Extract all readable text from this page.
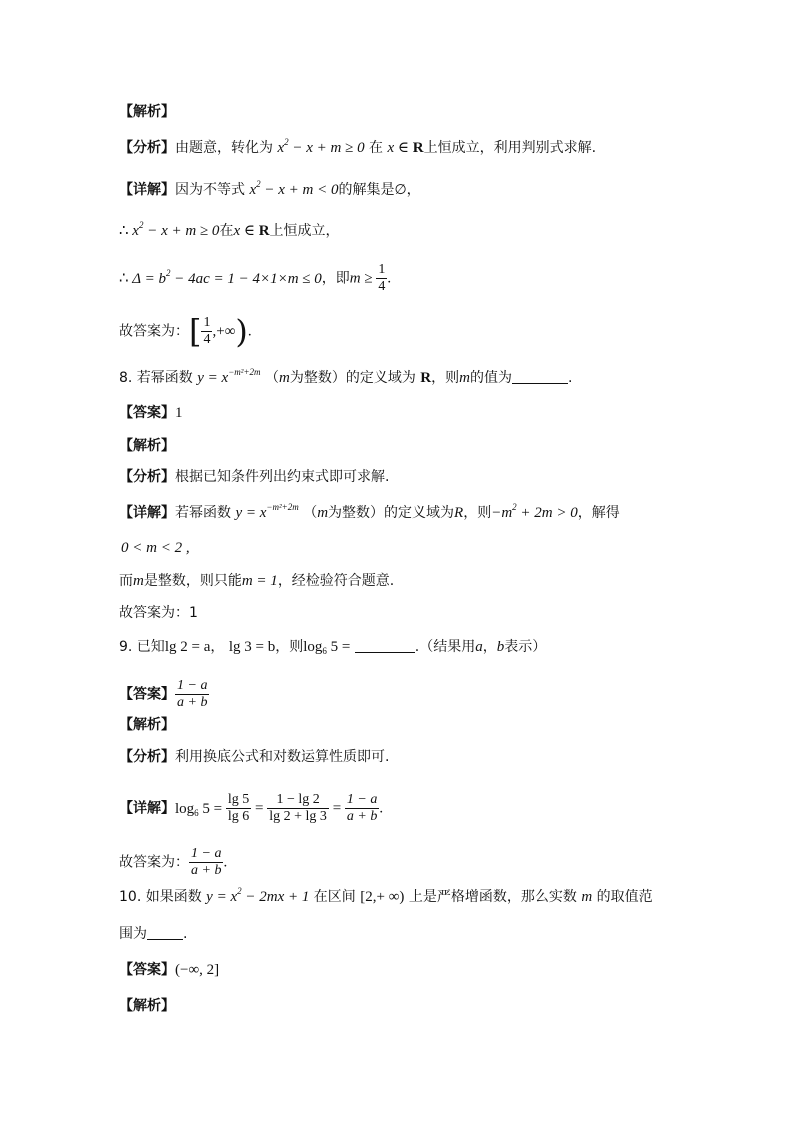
【解析】
【分析】由题意，转化为 $x^2 - x + m \ge 0$ 在 x ∈ R上恒成立，利用判别式求解.
【详解】因为不等式 $x^2 - x + m < 0$的解集是∅，
∴ $x^2 - x + m \ge 0$在x ∈ R上恒成立，
∴ $\Delta = b^2 - 4ac = 1 - 4\times 1\times m \le 0$，即$m \ge \frac{1}{4}$ .
故答案为：[ $\frac{1}{4}$ ,+∞).
8. 若幂函数 $y = x^{-m^2+2m}$ （m为整数）的定义域为 R，则m的值为	.
【答案】1
【解析】
【分析】根据已知条件列出约束式即可求解.
【详解】若幂函数 $y = x^{-m^2+2m}$ （m为整数）的定义域为R，则$-m^2 + 2m > 0$，解得
0 < m < 2 ,
而m是整数，则只能m = 1，经检验符合题意.
故答案为：1
9. 已知lg 2 = a， lg 3 = b，则$\log_6 5$ =	.（结果用a，b表示）
【答案】 $\frac{1 - a}{a + b}$
【解析】
【分析】利用换底公式和对数运算性质即可.
【详解】$\log_6 5 = \frac{\lg 5}{\lg 6} = \frac{1 - \lg 2}{\lg 2 + \lg 3} = \frac{1 - a}{a + b}$ .
故答案为： $\frac{1 - a}{a + b}$ .
10. 如果函数 $y = x^2 - 2mx + 1$ 在区间 [2,+ ∞) 上是严格增函数，那么实数 m 的取值范
围为	.
【答案】(−∞, 2]
【解析】
